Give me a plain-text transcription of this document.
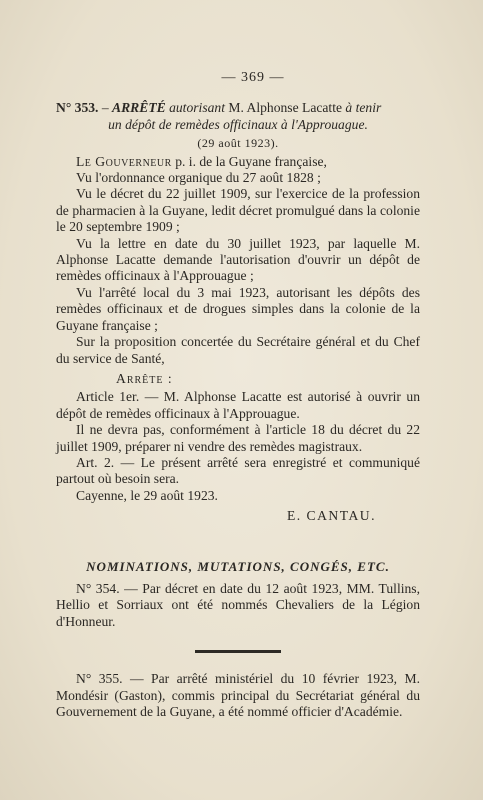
— 369 —
N° 353. – ARRÊTÉ autorisant M. Alphonse Lacatte à tenir
un dépôt de remèdes officinaux à l'Approuague.
(29 août 1923).

Le Gouverneur p. i. de la Guyane française,

Vu l'ordonnance organique du 27 août 1828 ;

Vu le décret du 22 juillet 1909, sur l'exercice de la profession de pharmacien à la Guyane, ledit décret promulgué dans la colonie le 20 septembre 1909 ;

Vu la lettre en date du 30 juillet 1923, par laquelle M. Alphonse Lacatte demande l'autorisation d'ouvrir un dépôt de remèdes officinaux à l'Approuague ;

Vu l'arrêté local du 3 mai 1923, autorisant les dépôts des remèdes officinaux et de drogues simples dans la colonie de la Guyane française ;

Sur la proposition concertée du Secrétaire général et du Chef du service de Santé,

Arrête :

Article 1er. — M. Alphonse Lacatte est autorisé à ouvrir un dépôt de remèdes officinaux à l'Approuague.

Il ne devra pas, conformément à l'article 18 du décret du 22 juillet 1909, préparer ni vendre des remèdes magistraux.

Art. 2. — Le présent arrêté sera enregistré et communiqué partout où besoin sera.

Cayenne, le 29 août 1923.

E. CANTAU.
NOMINATIONS, MUTATIONS, CONGÉS, ETC.

N° 354. — Par décret en date du 12 août 1923, MM. Tullins, Hellio et Sorriaux ont été nommés Chevaliers de la Légion d'Honneur.

N° 355. — Par arrêté ministériel du 10 février 1923, M. Mondésir (Gaston), commis principal du Secrétariat général du Gouvernement de la Guyane, a été nommé officier d'Académie.
